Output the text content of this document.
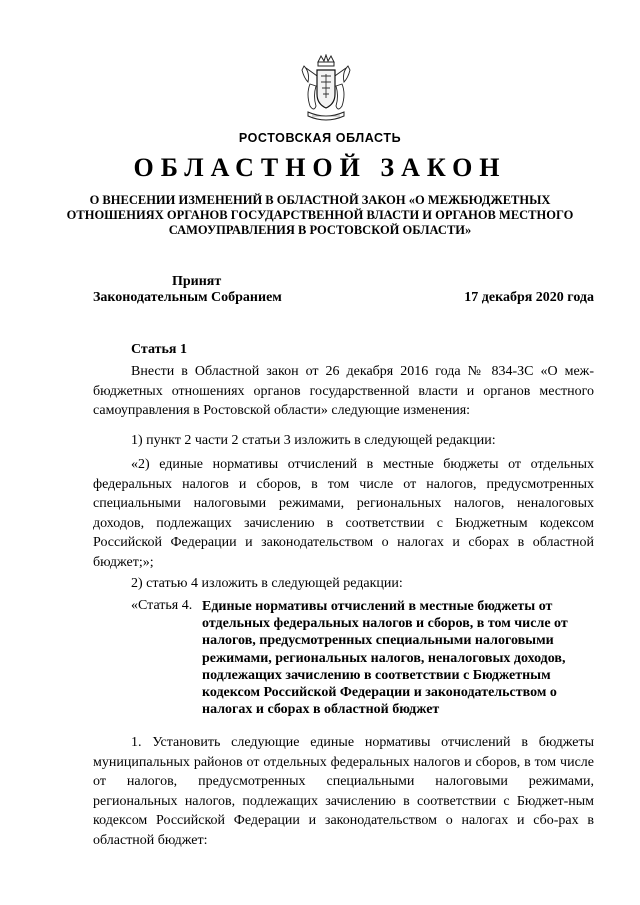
РОСТОВСКАЯ ОБЛАСТЬ
ОБЛАСТНОЙ ЗАКОН
О ВНЕСЕНИИ ИЗМЕНЕНИЙ В ОБЛАСТНОЙ ЗАКОН «О МЕЖБЮДЖЕТНЫХ ОТНОШЕНИЯХ ОРГАНОВ ГОСУДАРСТВЕННОЙ ВЛАСТИ И ОРГАНОВ МЕСТНОГО САМОУПРАВЛЕНИЯ В РОСТОВСКОЙ ОБЛАСТИ»
Принят
Законодательным Собранием	17 декабря 2020 года
Статья 1

Внести в Областной закон от 26 декабря 2016 года № 834-ЗС «О меж-бюджетных отношениях органов государственной власти и органов местного самоуправления в Ростовской области» следующие изменения:

1) пункт 2 части 2 статьи 3 изложить в следующей редакции:

«2) единые нормативы отчислений в местные бюджеты от отдельных федеральных налогов и сборов, в том числе от налогов, предусмотренных специальными налоговыми режимами, региональных налогов, неналоговых доходов, подлежащих зачислению в соответствии с Бюджетным кодексом Российской Федерации и законодательством о налогах и сборах в областной бюджет;»;

2) статью 4 изложить в следующей редакции:

«Статья 4. Единые нормативы отчислений в местные бюджеты от отдельных федеральных налогов и сборов, в том числе от налогов, предусмотренных специальными налоговыми режимами, региональных налогов, неналоговых доходов, подлежащих зачислению в соответствии с Бюджетным кодексом Российской Федерации и законодательством о налогах и сборах в областной бюджет

1. Установить следующие единые нормативы отчислений в бюджеты муниципальных районов от отдельных федеральных налогов и сборов, в том числе от налогов, предусмотренных специальными налоговыми режимами, региональных налогов, подлежащих зачислению в соответствии с Бюджет-ным кодексом Российской Федерации и законодательством о налогах и сбо-рах в областной бюджет:
